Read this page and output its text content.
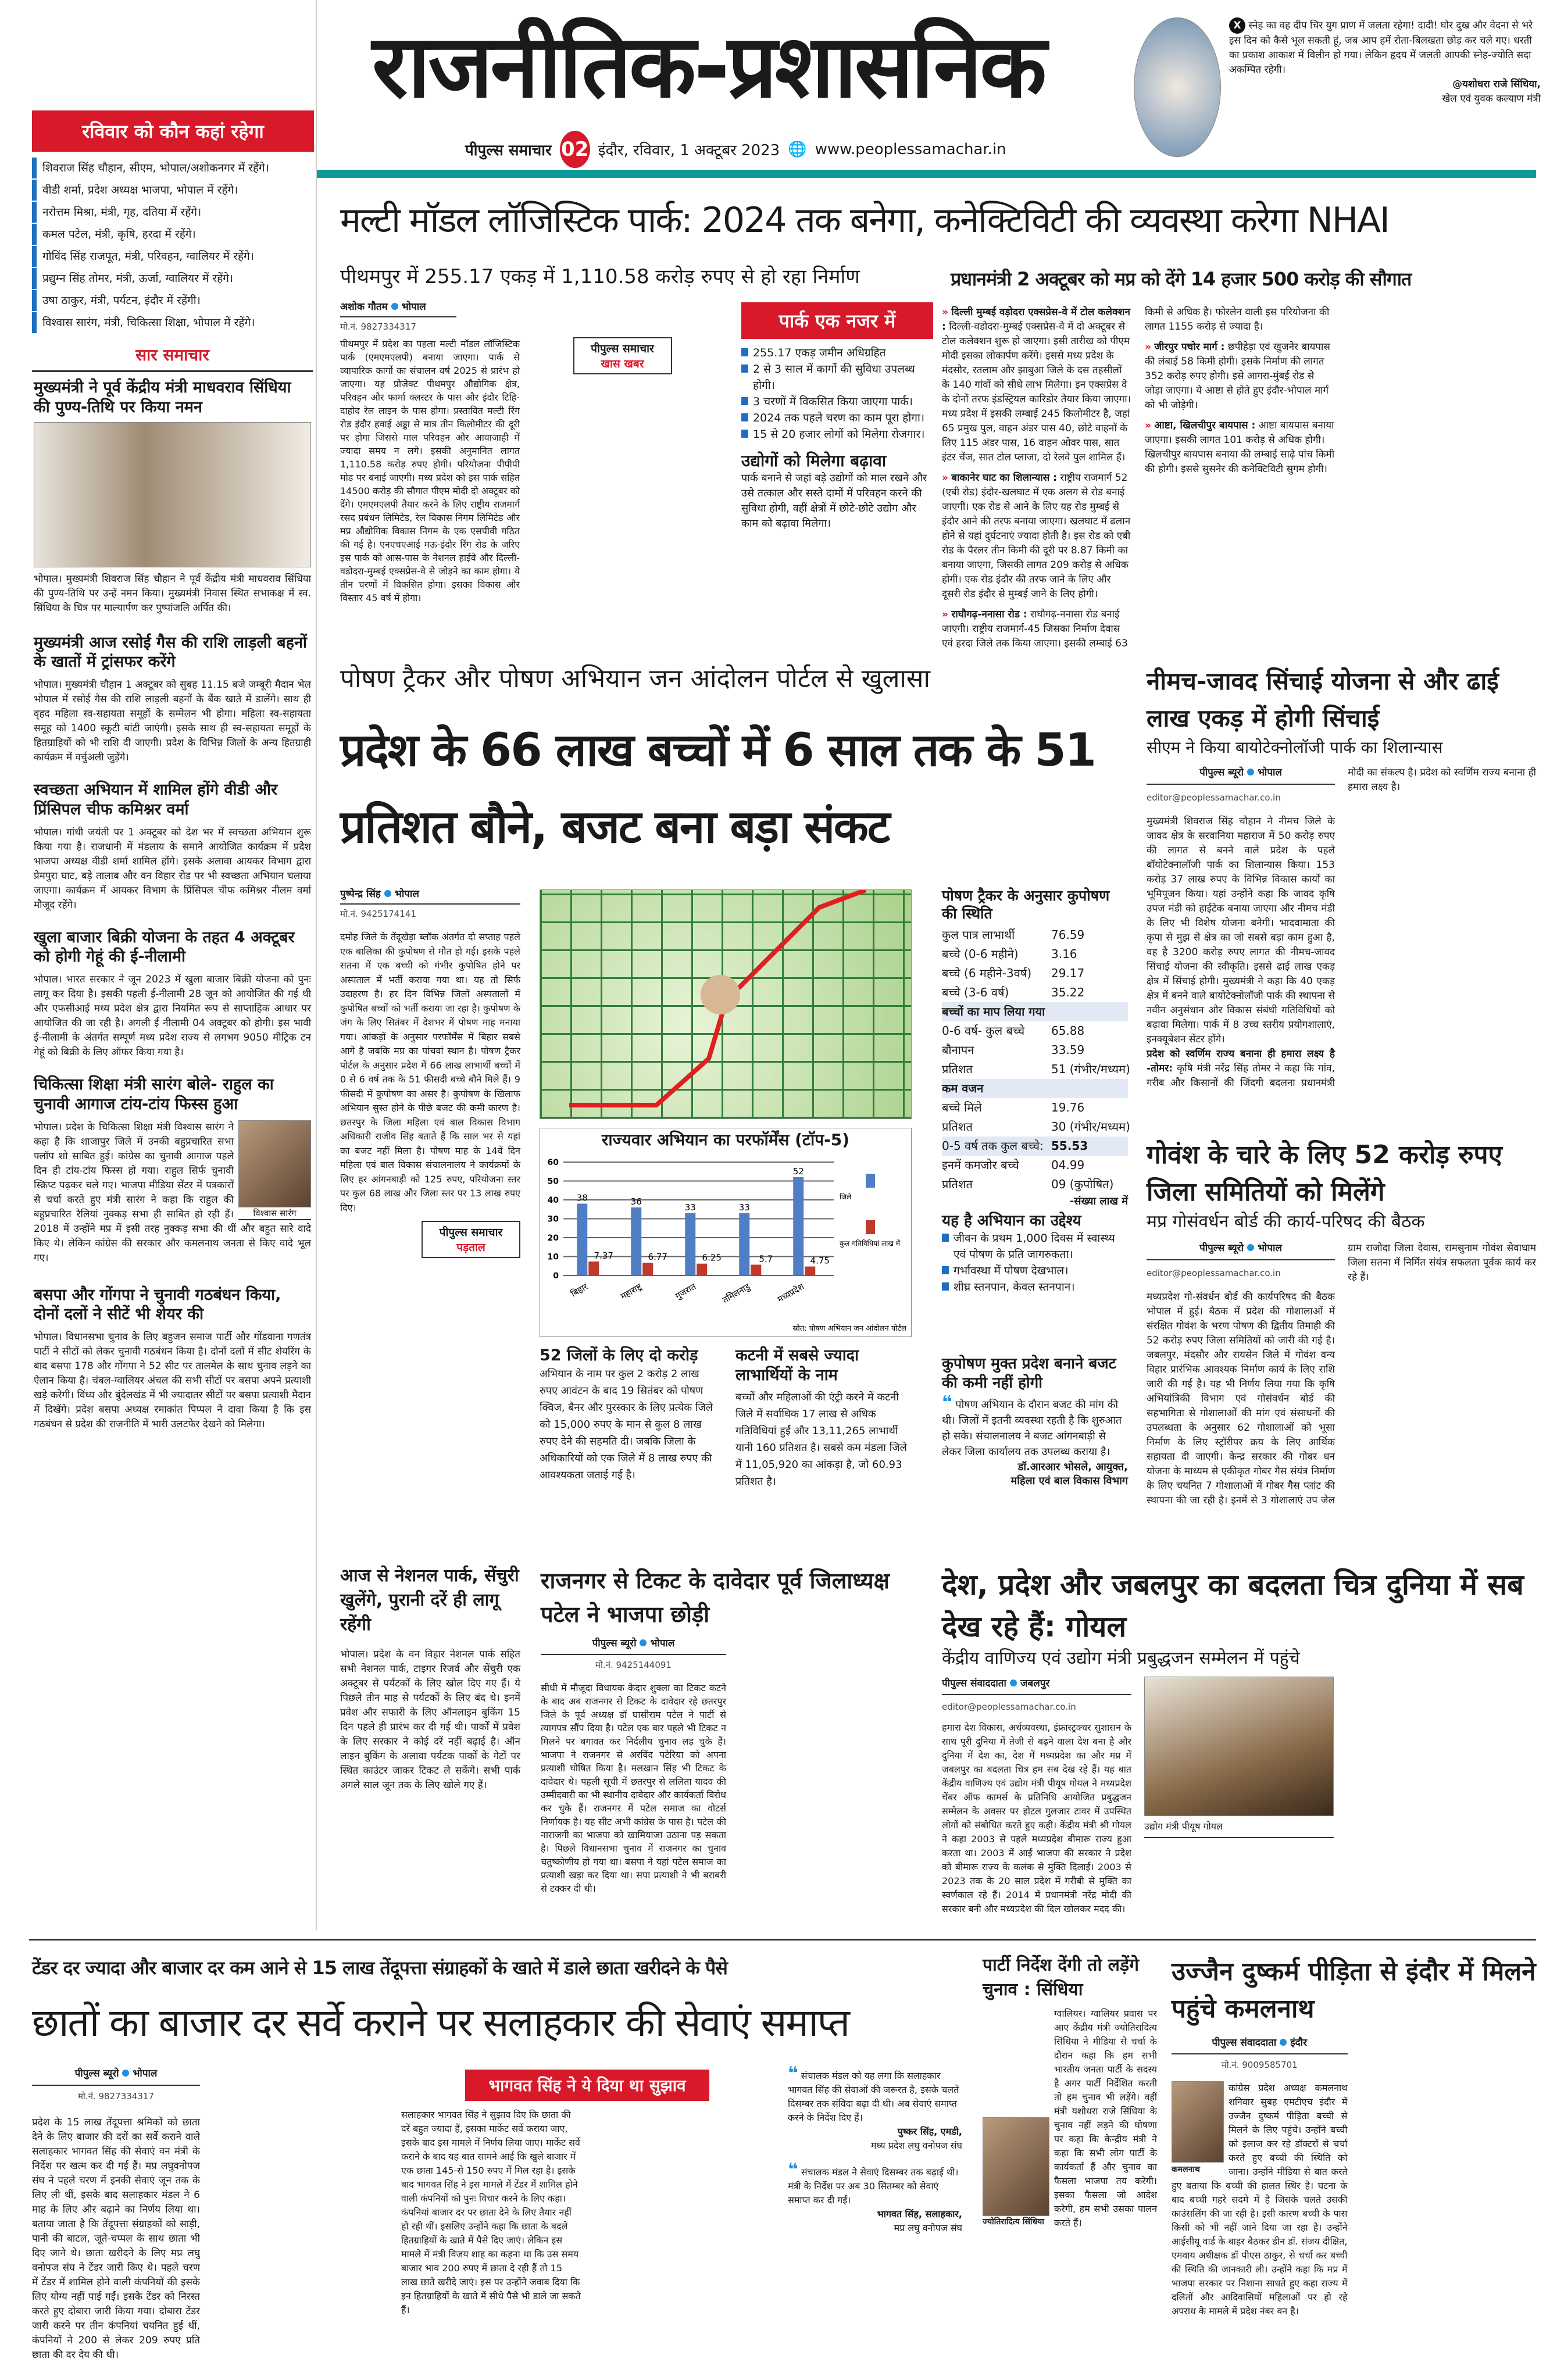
राजनीतिक-प्रशासनिक
पीपुल्स समाचार 02 इंदौर, रविवार, 1 अक्टूबर 2023 🌐 www.peoplessamachar.in
X स्नेह का वह दीप चिर युग प्राण में जलता रहेगा! दादी! घोर दुख और वेदना से भरे इस दिन को कैसे भूल सकती हूं, जब आप हमें रोता-बिलखता छोड़ कर चले गए। धरती का प्रकाश आकाश में विलीन हो गया। लेकिन हृदय में जलती आपकी स्नेह-ज्योति सदा अकम्पित रहेगी।
@यशोधरा राजे सिंधिया,
खेल एवं युवक कल्याण मंत्री
रविवार को कौन कहां रहेगा
शिवराज सिंह चौहान, सीएम, भोपाल/अशोकनगर में रहेंगे।
वीडी शर्मा, प्रदेश अध्यक्ष भाजपा, भोपाल में रहेंगे।
नरोत्तम मिश्रा, मंत्री, गृह, दतिया में रहेंगे।
कमल पटेल, मंत्री, कृषि, हरदा में रहेंगे।
गोविंद सिंह राजपूत, मंत्री, परिवहन, ग्वालियर में रहेंगे।
प्रद्युम्न सिंह तोमर, मंत्री, ऊर्जा, ग्वालियर में रहेंगे।
उषा ठाकुर, मंत्री, पर्यटन, इंदौर में रहेंगी।
विश्वास सारंग, मंत्री, चिकित्सा शिक्षा, भोपाल में रहेंगे।
सार समाचार
मुख्यमंत्री ने पूर्व केंद्रीय मंत्री माधवराव सिंधिया की पुण्य-तिथि पर किया नमन

भोपाल। मुख्यमंत्री शिवराज सिंह चौहान ने पूर्व केंद्रीय मंत्री माधवराव सिंधिया की पुण्य-तिथि पर उन्हें नमन किया। मुख्यमंत्री निवास स्थित सभाकक्ष में स्व. सिंधिया के चित्र पर माल्यार्पण कर पुष्पांजलि अर्पित की।

मुख्यमंत्री आज रसोई गैस की राशि लाड़ली बहनों के खातों में ट्रांसफर करेंगे

भोपाल। मुख्यमंत्री चौहान 1 अक्टूबर को सुबह 11.15 बजे जम्बूरी मैदान भेल भोपाल में रसोई गैस की राशि लाड़ली बहनों के बैंक खाते में डालेंगे। साथ ही वृहद महिला स्व-सहायता समूहों के सम्मेलन भी होगा। महिला स्व-सहायता समूह को 1400 स्कूटी बांटी जाएंगी। इसके साथ ही स्व-सहायता समूहों के हितग्राहियों को भी राशि दी जाएगी। प्रदेश के विभिन्न जिलों के अन्य हितग्राही कार्यक्रम में वर्चुअली जुड़ेंगे।

स्वच्छता अभियान में शामिल होंगे वीडी और प्रिंसिपल चीफ कमिश्नर वर्मा

भोपाल। गांधी जयंती पर 1 अक्टूबर को देश भर में स्वच्छता अभियान शुरू किया गया है। राजधानी में मंडलाय के समाने आयोजित कार्यक्रम में प्रदेश भाजपा अध्यक्ष वीडी शर्मा शामिल होंगे। इसके अलावा आयकर विभाग द्वारा प्रेमपुरा घाट, बड़े तालाब और वन विहार रोड पर भी स्वच्छता अभियान चलाया जाएगा। कार्यक्रम में आयकर विभाग के प्रिंसिपल चीफ कमिश्नर नीलम वर्मा मौजूद रहेंगे।

खुला बाजार बिक्री योजना के तहत 4 अक्टूबर को होगी गेहूं की ई-नीलामी

भोपाल। भारत सरकार ने जून 2023 में खुला बाजार बिक्री योजना को पुनः लागू कर दिया है। इसकी पहली ई-नीलामी 28 जून को आयोजित की गई थी और एफसीआई मध्य प्रदेश क्षेत्र द्वारा नियमित रूप से साप्ताहिक आधार पर आयोजित की जा रही है। अगली ई नीलामी 04 अक्टूबर को होगी। इस भावी ई-नीलामी के अंतर्गत सम्पूर्ण मध्य प्रदेश राज्य से लगभग 9050 मीट्रिक टन गेहूं को बिक्री के लिए ऑफर किया गया है।

चिकित्सा शिक्षा मंत्री सारंग बोले- राहुल का चुनावी आगाज टांय-टांय फिस्स हुआ
विश्वास सारंग

भोपाल। प्रदेश के चिकित्सा शिक्षा मंत्री विश्वास सारंग ने कहा है कि शाजापुर जिले में उनकी बहुप्रचारित सभा फ्लॉप शो साबित हुई। कांग्रेस का चुनावी आगाज पहले दिन ही टांय-टांय फिस्स हो गया। राहुल सिर्फ चुनावी स्क्रिप्ट पढ़कर चले गए। भाजपा मीडिया सेंटर में पत्रकारों से चर्चा करते हुए मंत्री सारंग ने कहा कि राहुल की बहुप्रचारित रैलियां नुक्कड़ सभा ही साबित हो रही हैं। 2018 में उन्होंने मप्र में इसी तरह नुक्कड़ सभा की थीं और बहुत सारे वादे किए थे। लेकिन कांग्रेस की सरकार और कमलनाथ जनता से किए वादे भूल गए।

बसपा और गोंगपा ने चुनावी गठबंधन किया, दोनों दलों ने सीटें भी शेयर की

भोपाल। विधानसभा चुनाव के लिए बहुजन समाज पार्टी और गोंडवाना गणतंत्र पार्टी ने सीटों को लेकर चुनावी गठबंधन किया है। दोनों दलों में सीट शेयरिंग के बाद बसपा 178 और गोंगपा ने 52 सीट पर तालमेल के साथ चुनाव लड़ने का ऐलान किया है। चंबल-ग्वालियर अंचल की सभी सीटों पर बसपा अपने प्रत्याशी खड़े करेगी। विंध्य और बुंदेलखंड में भी ज्यादातर सीटों पर बसपा प्रत्याशी मैदान में दिखेंगे। प्रदेश बसपा अध्यक्ष रमाकांत पिप्पल ने दावा किया है कि इस गठबंधन से प्रदेश की राजनीति में भारी उलटफेर देखने को मिलेगा।

मल्टी मॉडल लॉजिस्टिक पार्क: 2024 तक बनेगा, कनेक्टिविटी की व्यवस्था करेगा NHAI
पीथमपुर में 255.17 एकड़ में 1,110.58 करोड़ रुपए से हो रहा निर्माण
अशोक गौतम भोपाल
मो.नं. 9827334317

पीथमपुर में प्रदेश का पहला मल्टी मॉडल लॉजिस्टिक पार्क (एमएमएलपी) बनाया जाएगा। पार्क से व्यापारिक कार्गो का संचालन वर्ष 2025 से प्रारंभ हो जाएगा। यह प्रोजेक्ट पीथमपुर औद्योगिक क्षेत्र, परिवहन और फार्मा क्लस्टर के पास और इंदौर टिहि-दाहोद रेल लाइन के पास होगा। प्रस्तावित मल्टी रिंग रोड इंदौर हवाई अड्डा से मात्र तीन किलोमीटर की दूरी पर होगा जिससे माल परिवहन और आवाजाही में ज्यादा समय न लगे। इसकी अनुमानित लागत 1,110.58 करोड़ रुपए होगी। परियोजना पीपीपी मोड पर बनाई जाएगी। मध्य प्रदेश को इस पार्क सहित 14500 करोड़ की सौगात पीएम मोदी दो अक्टूबर को देंगे। एमएमएलपी तैयार करने के लिए राष्ट्रीय राजमार्ग रसद प्रबंधन लिमिटेड, रेल विकास निगम लिमिटेड और मप्र औद्योगिक विकास निगम के एक एसपीवी गठित की गई है। एनएचएआई मऊ-इंदौर रिंग रोड के जरिए इस पार्क को आस-पास के नेशनल हाईवे और दिल्ली-वडोदरा-मुम्बई एक्सप्रेस-वे से जोड़ने का काम होगा। ये तीन चरणों में विकसित होगा। इसका विकास और विस्तार 45 वर्ष में होगा।

पीपुल्स समाचार
खास खबर
पार्क एक नजर में
255.17 एकड़ जमीन अधिग्रहित
2 से 3 साल में कार्गो की सुविधा उपलब्ध होगी।
3 चरणों में विकसित किया जाएगा पार्क।
2024 तक पहले चरण का काम पूरा होगा।
15 से 20 हजार लोगों को मिलेगा रोजगार।
उद्योगों को मिलेगा बढ़ावा

पार्क बनाने से जहां बड़े उद्योगों को माल रखने और उसे तत्काल और सस्ते दामों में परिवहन करने की सुविधा होगी, वहीं क्षेत्रों में छोटे-छोटे उद्योग और काम को बढ़ावा मिलेगा।

प्रधानमंत्री 2 अक्टूबर को मप्र को देंगे 14 हजार 500 करोड़ की सौगात

» दिल्ली मुम्बई वड़ोदरा एक्सप्रेस-वे में टोल कलेक्शन : दिल्ली-वडोदरा-मुम्बई एक्सप्रेस-वे में दो अक्टूबर से टोल कलेक्शन शुरू हो जाएगा। इसी तारीख को पीएम मोदी इसका लोकार्पण करेंगे। इससे मध्य प्रदेश के मंदसौर, रतलाम और झाबुआ जिले के दस तहसीलों के 140 गांवों को सीधे लाभ मिलेगा। इन एक्सप्रेस वे के दोनों तरफ इंडस्ट्रियल कारिडोर तैयार किया जाएगा। मध्य प्रदेश में इसकी लम्बाई 245 किलोमीटर है, जहां 65 प्रमुख पुल, वाहन अंडर पास 40, छोटे वाहनों के लिए 115 अंडर पास, 16 वाहन ओवर पास, सात इंटर चेंज, सात टोल प्लाजा, दो रेलवे पुल शामिल हैं।

» बाकानेर घाट का शिलान्यास : राष्ट्रीय राजमार्ग 52 (एबी रोड) इंदौर-खलघाट में एक अलग से रोड बनाई जाएगी। एक रोड से आने के लिए यह रोड मुम्बई से इंदौर आने की तरफ बनाया जाएगा। खलघाट में ढलान होने से यहां दुर्घटनाएं ज्यादा होती है। इस रोड को एबी रोड के पैरलर तीन किमी की दूरी पर 8.87 किमी का बनाया जाएगा, जिसकी लागत 209 करोड़ से अधिक होगी। एक रोड इंदौर की तरफ जाने के लिए और दूसरी रोड इंदौर से मुम्बई जाने के लिए होगी।

» राघौगढ़-ननासा रोड : राघौगढ़-ननासा रोड बनाई जाएगी। राष्ट्रीय राजमार्ग-45 जिसका निर्माण देवास एवं हरदा जिले तक किया जाएगा। इसकी लम्बाई 63 किमी से अधिक है। फोरलेन वाली इस परियोजना की लागत 1155 करोड़ से ज्यादा है।

» जीरपुर पचोर मार्ग : छपीहेड़ा एवं खुजनेर बायपास की लंबाई 58 किमी होगी। इसके निर्माण की लागत 352 करोड़ रुपए होगी। इसे आगरा-मुंबई रोड से जोड़ा जाएगा। ये आष्टा से होते हुए इंदौर-भोपाल मार्ग को भी जोड़ेगी।

» आष्टा, खिलचीपुर बायपास : आष्टा बायपास बनाया जाएगा। इसकी लागत 101 करोड़ से अधिक होगी। खिलचीपुर बायपास बनाया की लम्बाई साढ़े पांच किमी की होगी। इससे सुसनेर की कनेक्टिविटी सुगम होगी।

पोषण ट्रैकर और पोषण अभियान जन आंदोलन पोर्टल से खुलासा
प्रदेश के 66 लाख बच्चों में 6 साल तक के 51 प्रतिशत बौने, बजट बना बड़ा संकट
पुष्पेन्द्र सिंह भोपाल
मो.नं. 9425174141

दमोह जिले के तेंदूखेड़ा ब्लॉक अंतर्गत दो सप्ताह पहले एक बालिका की कुपोषण से मौत हो गई। इसके पहले सतना में एक बच्ची को गंभीर कुपोषित होने पर अस्पताल में भर्ती कराया गया था। यह तो सिर्फ उदाहरण है। हर दिन विभिन्न जिलों अस्पतालों में कुपोषित बच्चों को भर्ती कराया जा रहा है। कुपोषण के जंग के लिए सितंबर में देशभर में पोषण माह मनाया गया। आंकड़ों के अनुसार परफॉर्मेंस में बिहार सबसे आगे है जबकि मप्र का पांचवां स्थान है। पोषण ट्रैकर पोर्टल के अनुसार प्रदेश में 66 लाख लाभार्थी बच्चों में 0 से 6 वर्ष तक के 51 फीसदी बच्चे बौने मिले हैं। 9 फीसदी में कुपोषण का असर है। कुपोषण के खिलाफ अभियान सुस्त होने के पीछे बजट की कमी कारण है। छतरपुर के जिला महिला एवं बाल विकास विभाग अधिकारी राजीव सिंह बताते हैं कि साल भर से यहां का बजट नहीं मिला है। पोषण माह के 14वें दिन महिला एवं बाल विकास संचालनालय ने कार्यक्रमों के लिए हर आंगनबाड़ी को 125 रुपए, परियोजना स्तर पर कुल 68 लाख और जिला स्तर पर 13 लाख रुपए दिए।

पीपुल्स समाचार
पड़ताल
राज्यवार अभियान का परफॉर्मेंस (टॉप-5)
0
10
20
30
40
50
60
38
7.37
बिहार
36
6.77
महाराष्ट्र
33
6.25
गुजरात
33
5.7
तमिलनाडु
52
4.75
मध्यप्रदेश
जिले
कुल गतिविधियां लाख में
स्रोत: पोषण अभियान जन आंदोलन पोर्टल
पोषण ट्रैकर के अनुसार कुपोषण की स्थिति
कुल पात्र लाभार्थी	76.59
बच्चे (0-6 महीने)	3.16
बच्चे (6 महीने-3वर्ष)	29.17
बच्चे (3-6 वर्ष)	35.22
बच्चों का माप लिया गया
0-6 वर्ष- कुल बच्चे	65.88
बौनापन	33.59
प्रतिशत	51 (गंभीर/मध्यम)
कम वजन
बच्चे मिले	19.76
प्रतिशत	30 (गंभीर/मध्यम)
0-5 वर्ष तक कुल बच्चे: 55.53
इनमें कमजोर बच्चे	04.99
प्रतिशत	09 (कुपोषित)
-संख्या लाख में
यह है अभियान का उद्देश्य
जीवन के प्रथम 1,000 दिवस में स्वास्थ्य एवं पोषण के प्रति जागरुकता।
गर्भावस्था में पोषण देखभाल।
शीघ्र स्तनपान, केवल स्तनपान।
52 जिलों के लिए दो करोड़

अभियान के नाम पर कुल 2 करोड़ 2 लाख रुपए आवंटन के बाद 19 सितंबर को पोषण क्विज, बैनर और पुरस्कार के लिए प्रत्येक जिले को 15,000 रुपए के मान से कुल 8 लाख रुपए देने की सहमति दी। जबकि जिला के अधिकारियों को एक जिले में 8 लाख रुपए की आवश्यकता जताई गई है।

कटनी में सबसे ज्यादा लाभार्थियों के नाम

बच्चों और महिलाओं की एंट्री करने में कटनी जिले में सर्वाधिक 17 लाख से अधिक गतिविधियां हुईं और 13,11,265 लाभार्थी यानी 160 प्रतिशत है। सबसे कम मंडला जिले में 11,05,920 का आंकड़ा है, जो 60.93 प्रतिशत है।

कुपोषण मुक्त प्रदेश बनाने बजट की कमी नहीं होगी

❝ पोषण अभियान के दौरान बजट की मांग की थी। जिलों में इतनी व्यवस्था रहती है कि शुरुआत हो सके। संचालनालय ने बजट आंगनबाड़ी से लेकर जिला कार्यालय तक उपलब्ध कराया है।

डॉ.आरआर भोसले, आयुक्त,
महिला एवं बाल विकास विभाग
नीमच-जावद सिंचाई योजना से और ढाई लाख एकड़ में होगी सिंचाई
सीएम ने किया बायोटेक्नोलॉजी पार्क का शिलान्यास
पीपुल्स ब्यूरो भोपाल
editor@peoplessamachar.co.in

मुख्यमंत्री शिवराज सिंह चौहान ने नीमच जिले के जावद क्षेत्र के सरवानिया महाराज में 50 करोड़ रुपए की लागत से बनने वाले प्रदेश के पहले बॉयोटेक्नालॉजी पार्क का शिलान्यास किया। 153 करोड़ 37 लाख रुपए के विभिन्न विकास कार्यों का भूमिपूजन किया। यहां उन्होंने कहा कि जावद कृषि उपज मंडी को हाईटेक बनाया जाएगा और नीमच मंडी के लिए भी विशेष योजना बनेगी। भादवामाता की कृपा से मुझ से क्षेत्र का जो सबसे बड़ा काम हुआ है, वह है 3200 करोड़ रुपए लागत की नीमच-जावद सिंचाई योजना की स्वीकृति। इससे ढाई लाख एकड़ क्षेत्र में सिंचाई होगी। मुख्यमंत्री ने कहा कि 40 एकड़ क्षेत्र में बनने वाले बायोटेक्नोलॉजी पार्क की स्थापना से नवीन अनुसंधान और विकास संबंधी गतिविधियों को बढ़ावा मिलेगा। पार्क में 8 उच्च स्तरीय प्रयोगशालाएं, इनक्यूबेशन सेंटर होंगे।

प्रदेश को स्वर्णिम राज्य बनाना ही हमारा लक्ष्य है -तोमर: कृषि मंत्री नरेंद्र सिंह तोमर ने कहा कि गांव, गरीब और किसानों की जिंदगी बदलना प्रधानमंत्री मोदी का संकल्प है। प्रदेश को स्वर्णिम राज्य बनाना ही हमारा लक्ष्य है।

गोवंश के चारे के लिए 52 करोड़ रुपए जिला समितियों को मिलेंगे
मप्र गोसंवर्धन बोर्ड की कार्य-परिषद की बैठक
पीपुल्स ब्यूरो भोपाल
editor@peoplessamachar.co.in

मध्यप्रदेश गो-संवर्धन बोर्ड की कार्यपरिषद की बैठक भोपाल में हुई। बैठक में प्रदेश की गोशालाओं में संरक्षित गोवंश के भरण पोषण की द्वितीय तिमाही की 52 करोड़ रुपए जिला समितियों को जारी की गई है। जबलपुर, मंदसौर और रायसेन जिले में गोवंश वन्य विहार प्रारंभिक आवश्यक निर्माण कार्य के लिए राशि जारी की गई है। यह भी निर्णय लिया गया कि कृषि अभियांत्रिकी विभाग एवं गोसंवर्धन बोर्ड की सहभागिता से गोशालाओं की मांग एवं संसाधनों की उपलब्धता के अनुसार 62 गोशालाओं को भूसा निर्माण के लिए स्ट्रॉरीपर क्रय के लिए आर्थिक सहायता दी जाएगी। केन्द्र सरकार की गोबर धन योजना के माध्यम से एकीकृत गोबर गैस संयंत्र निर्माण के लिए चयनित 7 गोशालाओं में गोबर गैस प्लांट की स्थापना की जा रही है। इनमें से 3 गोशालाएं उप जेल ग्राम राजोदा जिला देवास, रामसुनाम गोवंश सेवाधाम जिला सतना में निर्मित संयंत्र सफलता पूर्वक कार्य कर रहे हैं।

आज से नेशनल पार्क, सेंचुरी खुलेंगे, पुरानी दरें ही लागू रहेंगी

भोपाल। प्रदेश के वन विहार नेशनल पार्क सहित सभी नेशनल पार्क, टाइगर रिजर्व और सेंचुरी एक अक्टूबर से पर्यटकों के लिए खोल दिए गए हैं। ये पिछले तीन माह से पर्यटकों के लिए बंद थे। इनमें प्रवेश और सफारी के लिए ऑनलाइन बुकिंग 15 दिन पहले ही प्रारंभ कर दी गई थी। पार्कों में प्रवेश के लिए सरकार ने कोई दरें नहीं बढ़ाई है। ऑन लाइन बुकिंग के अलावा पर्यटक पार्कों के गेटों पर स्थित काउंटर जाकर टिकट ले सकेंगे। सभी पार्क अगले साल जून तक के लिए खोले गए हैं।

राजनगर से टिकट के दावेदार पूर्व जिलाध्यक्ष पटेल ने भाजपा छोड़ी
पीपुल्स ब्यूरो भोपाल
मो.नं. 9425144091

सीधी में मौजूदा विधायक केदार शुक्ला का टिकट कटने के बाद अब राजनगर से टिकट के दावेदार रहे छतरपुर जिले के पूर्व अध्यक्ष डॉ घासीराम पटेल ने पार्टी से त्यागपत्र सौंप दिया है। पटेल एक बार पहले भी टिकट न मिलने पर बगावत कर निर्दलीय चुनाव लड़ चुके हैं। भाजपा ने राजनगर से अरविंद पटेरिया को अपना प्रत्याशी घोषित किया है। मलखान सिंह भी टिकट के दावेदार थे। पहली सूची में छतरपुर से ललिता यादव की उम्मीदवारी का भी स्थानीय दावेदार और कार्यकर्ता विरोध कर चुके हैं। राजनगर में पटेल समाज का वोटर्स निर्णायक है। यह सीट अभी कांग्रेस के पास है। पटेल की नाराजगी का भाजपा को खामियाजा उठाना पड़ सकता है। पिछले विधानसभा चुनाव में राजनगर का चुनाव चतुष्कोणीय हो गया था। बसपा ने यहां पटेल समाज का प्रत्याशी खड़ा कर दिया था। सपा प्रत्याशी ने भी बराबरी से टक्कर दी थी।

देश, प्रदेश और जबलपुर का बदलता चित्र दुनिया में सब देख रहे हैं: गोयल
केंद्रीय वाणिज्य एवं उद्योग मंत्री प्रबुद्धजन सम्मेलन में पहुंचे
पीपुल्स संवाददाता जबलपुर
editor@peoplessamachar.co.in

हमारा देश विकास, अर्थव्यवस्था, इंफ्रास्ट्रक्चर सुशासन के साथ पूरी दुनिया में तेजी से बढ़ने वाला देश बना है और दुनिया में देश का, देश में मध्यप्रदेश का और मप्र में जबलपुर का बदलता चित्र हम सब देख रहे हैं। यह बात केंद्रीय वाणिज्य एवं उद्योग मंत्री पीयूष गोयल ने मध्यप्रदेश चेंबर ऑफ कामर्स के प्रतिनिधि आयोजित प्रबुद्धजन सम्मेलन के अवसर पर होटल गुलजार टावर में उपस्थित लोगों को संबोधित करते हुए कही। केंद्रीय मंत्री श्री गोयल ने कहा 2003 से पहले मध्यप्रदेश बीमारू राज्य हुआ करता था। 2003 में आई भाजपा की सरकार ने प्रदेश को बीमारू राज्य के कलंक से मुक्ति दिलाई। 2003 से 2023 तक के 20 साल प्रदेश में गरीबी से मुक्ति का स्वर्णकाल रहे हैं। 2014 में प्रधानमंत्री नरेंद्र मोदी की सरकार बनी और मध्यप्रदेश की दिल खोलकर मदद की।

उद्योग मंत्री पीयूष गोयल
टेंडर दर ज्यादा और बाजार दर कम आने से 15 लाख तेंदूपत्ता संग्राहकों के खाते में डाले छाता खरीदने के पैसे
छातों का बाजार दर सर्वे कराने पर सलाहकार की सेवाएं समाप्त
पीपुल्स ब्यूरो भोपाल
मो.नं. 9827334317

प्रदेश के 15 लाख तेंदूपत्ता श्रमिकों को छाता देने के लिए बाजार की दरों का सर्वे कराने वाले सलाहकार भागवत सिंह की सेवाएं वन मंत्री के निर्देश पर खत्म कर दी गई हैं। मप्र लघुवनोपज संघ ने पहले चरण में इनकी सेवाएं जून तक के लिए ली थीं, इसके बाद सलाहकार मंडल ने 6 माह के लिए और बढ़ाने का निर्णय लिया था। बताया जाता है कि तेंदूपत्ता संग्राहकों को साड़ी, पानी की बाटल, जूते-चप्पल के साथ छाता भी दिए जाने थे। छाता खरीदने के लिए मप्र लघु वनोपज संघ ने टेंडर जारी किए थे। पहले चरण में टेंडर में शामिल होने वाली कंपनियों की इसके लिए योग्य नहीं पाई गईं। इसके टेंडर को निरस्त करते हुए दोबारा जारी किया गया। दोबारा टेंडर जारी करने पर तीन कंपनियां चयनित हुई थीं, कंपनियों ने 200 से लेकर 209 रुपए प्रति छाता की दर देय की थी।

भागवत सिंह ने ये दिया था सुझाव

सलाहकार भागवत सिंह ने सुझाव दिए कि छाता की दरें बहुत ज्यादा हैं, इसका मार्केट सर्वे कराया जाए, इसके बाद इस मामले में निर्णय लिया जाए। मार्केट सर्वे कराने के बाद यह बात सामने आई कि खुले बाजार में एक छाता 145-से 150 रुपए में मिल रहा है। इसके बाद भागवत सिंह ने इस मामले में टेंडर में शामिल होने वाली कंपनियों को पुनः विचार करने के लिए कहा। कंपनियां बाजार दर पर छाता देने के लिए तैयार नहीं हो रही थीं। इसलिए उन्होंने कहा कि छाता के बदले हितग्राहियों के खाते में पैसे दिए जाएं। लेकिन इस मामले में मंत्री विजय शाह का कहना था कि उस समय बाजार भाव 200 रुपए में छाता दे रही हैं तो 15 लाख छाते खरीदे जाएं। इस पर उन्होंने जवाब दिया कि इन हितग्राहियों के खाते में सीधे पैसे भी डाले जा सकते हैं।

❝ संचालक मंडल को यह लगा कि सलाहकार भागवत सिंह की सेवाओं की जरूरत है, इसके चलते दिसम्बर तक संविदा बढ़ा दी थी। अब सेवाएं समाप्त करने के निर्देश दिए हैं।

पुष्कर सिंह, एमडी,
मध्य प्रदेश लघु वनोपज संघ

❝ संचालक मंडल ने सेवाएं दिसम्बर तक बढ़ाई थी। मंत्री के निर्देश पर अब 30 सितम्बर को सेवाएं समाप्त कर दी गई।

भागवत सिंह, सलाहकार,
मप्र लघु वनोपज संघ
पार्टी निर्देश देंगी तो लड़ेंगे चुनाव : सिंधिया
ज्योतिरादित्य सिंधिया

ग्वालियर। ग्वालियर प्रवास पर आए केंद्रीय मंत्री ज्योतिरादित्य सिंधिया ने मीडिया से चर्चा के दौरान कहा कि हम सभी भारतीय जनता पार्टी के सदस्य है अगर पार्टी निर्देशित करती तो हम चुनाव भी लड़ेंगे। वहीं मंत्री यशोधरा राजे सिंधिया के चुनाव नहीं लड़ने की घोषणा पर कहा कि केन्द्रीय मंत्री ने कहा कि सभी लोग पार्टी के कार्यकर्ता हैं और चुनाव का फैसला भाजपा तय करेगी। इसका फैसला जो आदेश करेगी, हम सभी उसका पालन करते हैं।

उज्जैन दुष्कर्म पीड़िता से इंदौर में मिलने पहुंचे कमलनाथ
पीपुल्स संवाददाता इंदौर
मो.नं. 9009585701
कमलनाथ

कांग्रेस प्रदेश अध्यक्ष कमलनाथ शनिवार सुबह एमटीएच इंदौर में उज्जैन दुष्कर्म पीड़िता बच्ची से मिलने के लिए पहुंचे। उन्होंने बच्ची को इलाज कर रहे डॉक्टरों से चर्चा करते हुए बच्ची की स्थिति को जाना। उन्होंने मीडिया से बात करते हुए बताया कि बच्ची की हालत स्थिर है। घटना के बाद बच्ची गहरे सदमे में है जिसके चलते उसकी काउंसलिंग की जा रही है। इसी कारण बच्ची के पास किसी को भी नहीं जाने दिया जा रहा है। उन्होंने आईसीयू वार्ड के बाहर बैठकर डीन डॉ. संजय दीक्षित, एमवाय अधीक्षक डॉ पीएस ठाकुर, से चर्चा कर बच्ची की स्थिति की जानकारी ली। उन्होंने कहा कि मप्र में भाजपा सरकार पर निशाना साधते हुए कहा राज्य में दलितों और आदिवासियों महिलाओं पर हो रहे अपराध के मामले में प्रदेश नंबर वन है।
